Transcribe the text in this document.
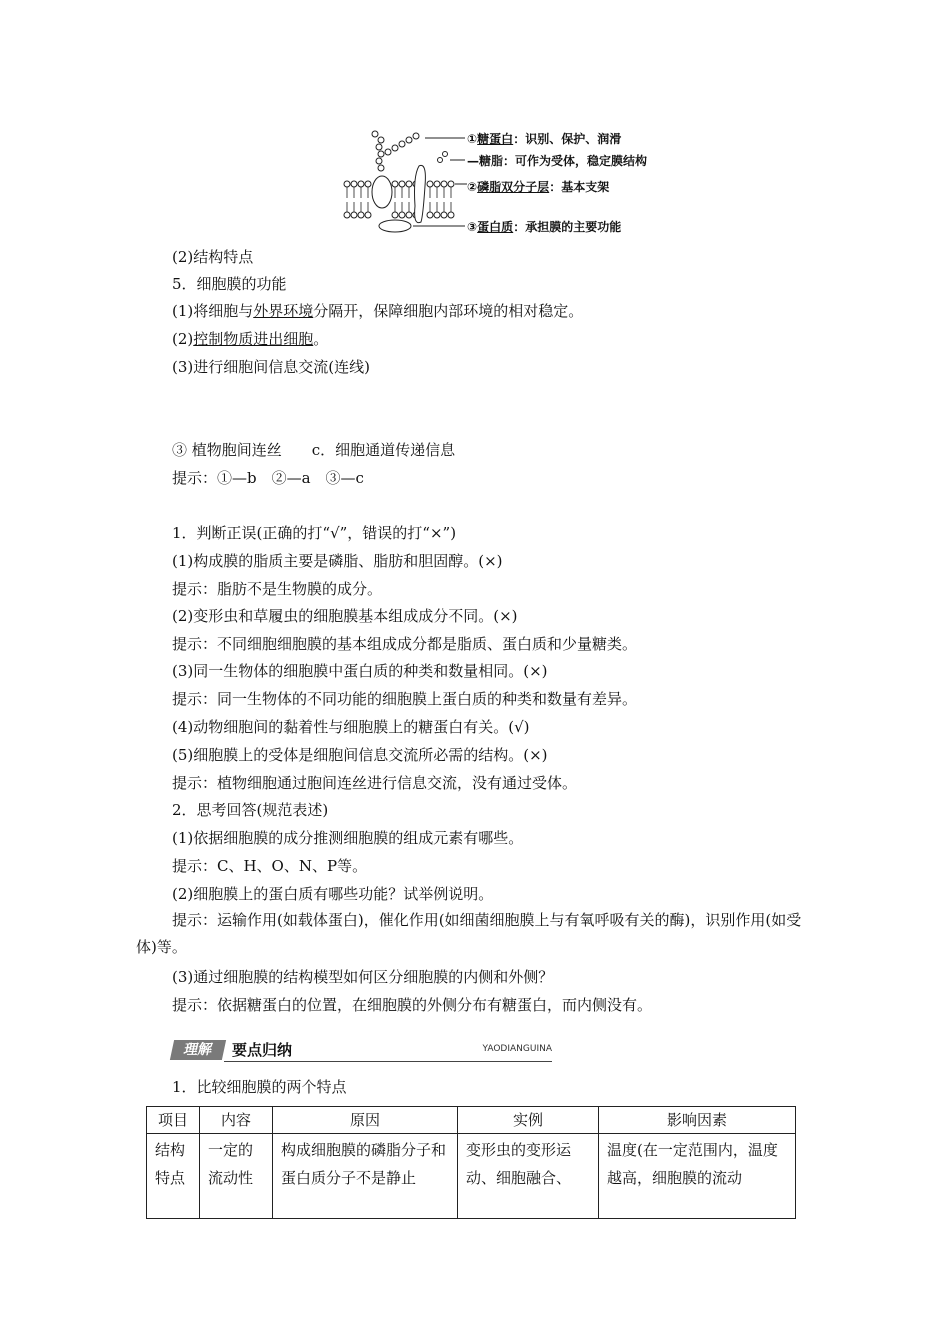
①糖蛋白：识别、保护、润滑
—糖脂：可作为受体，稳定膜结构
②磷脂双分子层：基本支架
③蛋白质：承担膜的主要功能
(2)结构特点
5．细胞膜的功能
(1)将细胞与外界环境分隔开，保障细胞内部环境的相对稳定。
(2)控制物质进出细胞。
(3)进行细胞间信息交流(连线)
③ 植物胞间连丝　　c．细胞通道传递信息
提示：①—b　②—a　③—c
1．判断正误(正确的打“√”，错误的打“×”)
(1)构成膜的脂质主要是磷脂、脂肪和胆固醇。(×)
提示：脂肪不是生物膜的成分。
(2)变形虫和草履虫的细胞膜基本组成成分不同。(×)
提示：不同细胞细胞膜的基本组成成分都是脂质、蛋白质和少量糖类。
(3)同一生物体的细胞膜中蛋白质的种类和数量相同。(×)
提示：同一生物体的不同功能的细胞膜上蛋白质的种类和数量有差异。
(4)动物细胞间的黏着性与细胞膜上的糖蛋白有关。(√)
(5)细胞膜上的受体是细胞间信息交流所必需的结构。(×)
提示：植物细胞通过胞间连丝进行信息交流，没有通过受体。
2．思考回答(规范表述)
(1)依据细胞膜的成分推测细胞膜的组成元素有哪些。
提示：C、H、O、N、P等。
(2)细胞膜上的蛋白质有哪些功能？试举例说明。
提示：运输作用(如载体蛋白)，催化作用(如细菌细胞膜上与有氧呼吸有关的酶)，识别作用(如受体)等。
(3)通过细胞膜的结构模型如何区分细胞膜的内侧和外侧？
提示：依据糖蛋白的位置，在细胞膜的外侧分布有糖蛋白，而内侧没有。
理解	要点归纳	YAODIANGUINA
1．比较细胞膜的两个特点
项目	内容	原因	实例	影响因素
结构特点	一定的流动性	构成细胞膜的磷脂分子和蛋白质分子不是静止	变形虫的变形运动、细胞融合、	温度(在一定范围内，温度越高，细胞膜的流动
